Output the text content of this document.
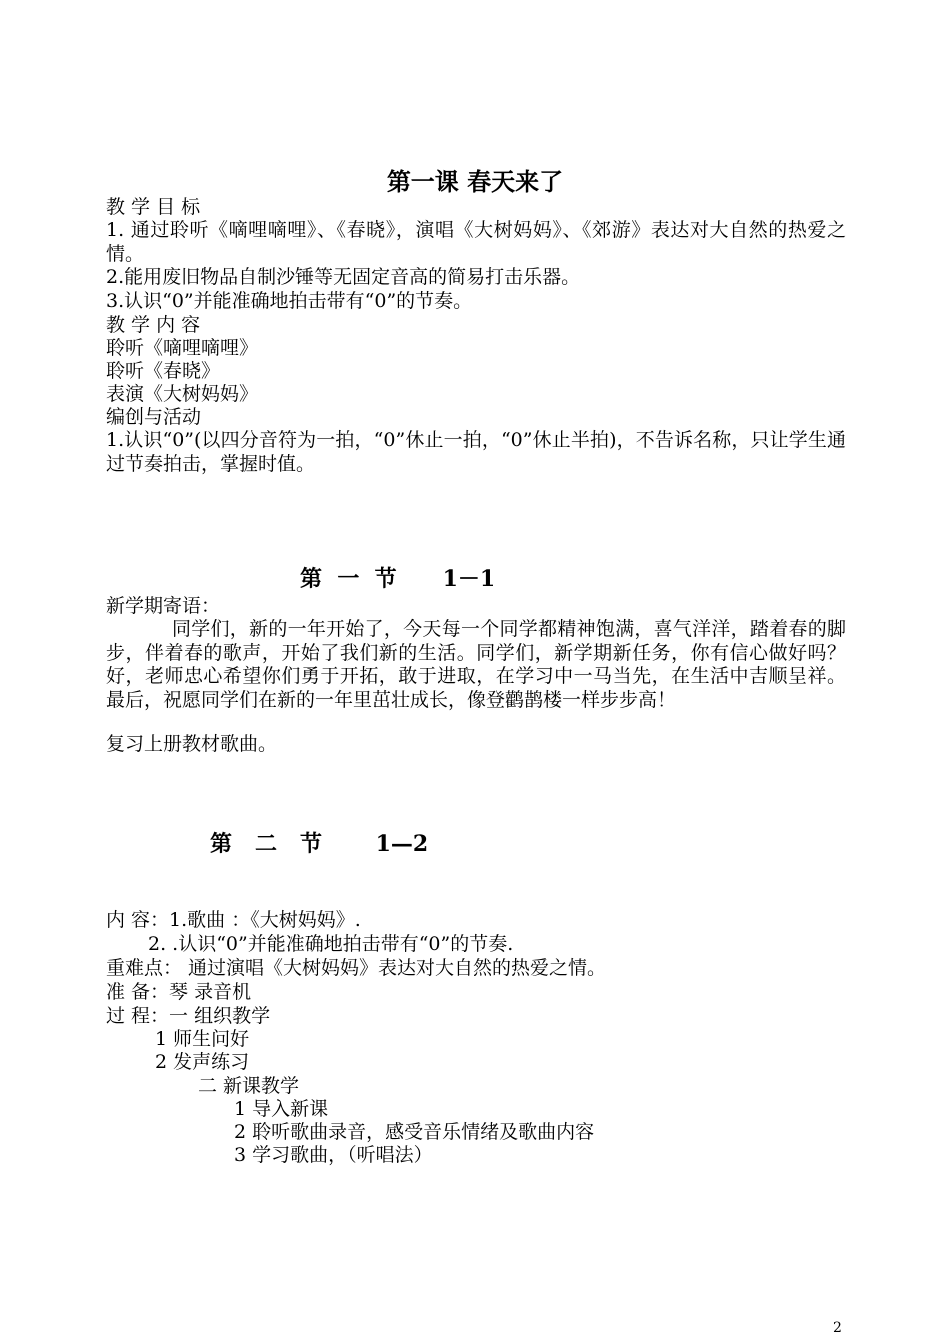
第一课 春天来了
教 学 目 标

1. 通过聆听《嘀哩嘀哩》、《春晓》，演唱《大树妈妈》、《郊游》表达对大自然的热爱之情。

2.能用废旧物品自制沙锤等无固定音高的简易打击乐器。
3.认识“0”并能准确地拍击带有“0”的节奏。
教 学 内 容
聆听《嘀哩嘀哩》
聆听《春晓》
表演《大树妈妈》
编创与活动

1.认识“0”(以四分音符为一拍，“0”休止一拍，“0”休止半拍)，不告诉名称，只让学生通过节奏拍击，掌握时值。

第  一  节      1－1
新学期寄语：

同学们，新的一年开始了，今天每一个同学都精神饱满，喜气洋洋，踏着春的脚步，伴着春的歌声，开始了我们新的生活。同学们，新学期新任务，你有信心做好吗？好，老师忠心希望你们勇于开拓，敢于进取，在学习中一马当先，在生活中吉顺呈祥。最后，祝愿同学们在新的一年里茁壮成长，像登鹳鹊楼一样步步高！

复习上册教材歌曲。
第   二   节       1—2
内 容：1.歌曲 ：《大树妈妈》.
2. .认识“0”并能准确地拍击带有“0”的节奏.
重难点： 通过演唱《大树妈妈》表达对大自然的热爱之情。
准 备：琴 录音机
过 程：一 组织教学
1 师生问好
2 发声练习
二 新课教学
1 导入新课
2 聆听歌曲录音，感受音乐情绪及歌曲内容
3 学习歌曲，（听唱法）
2
